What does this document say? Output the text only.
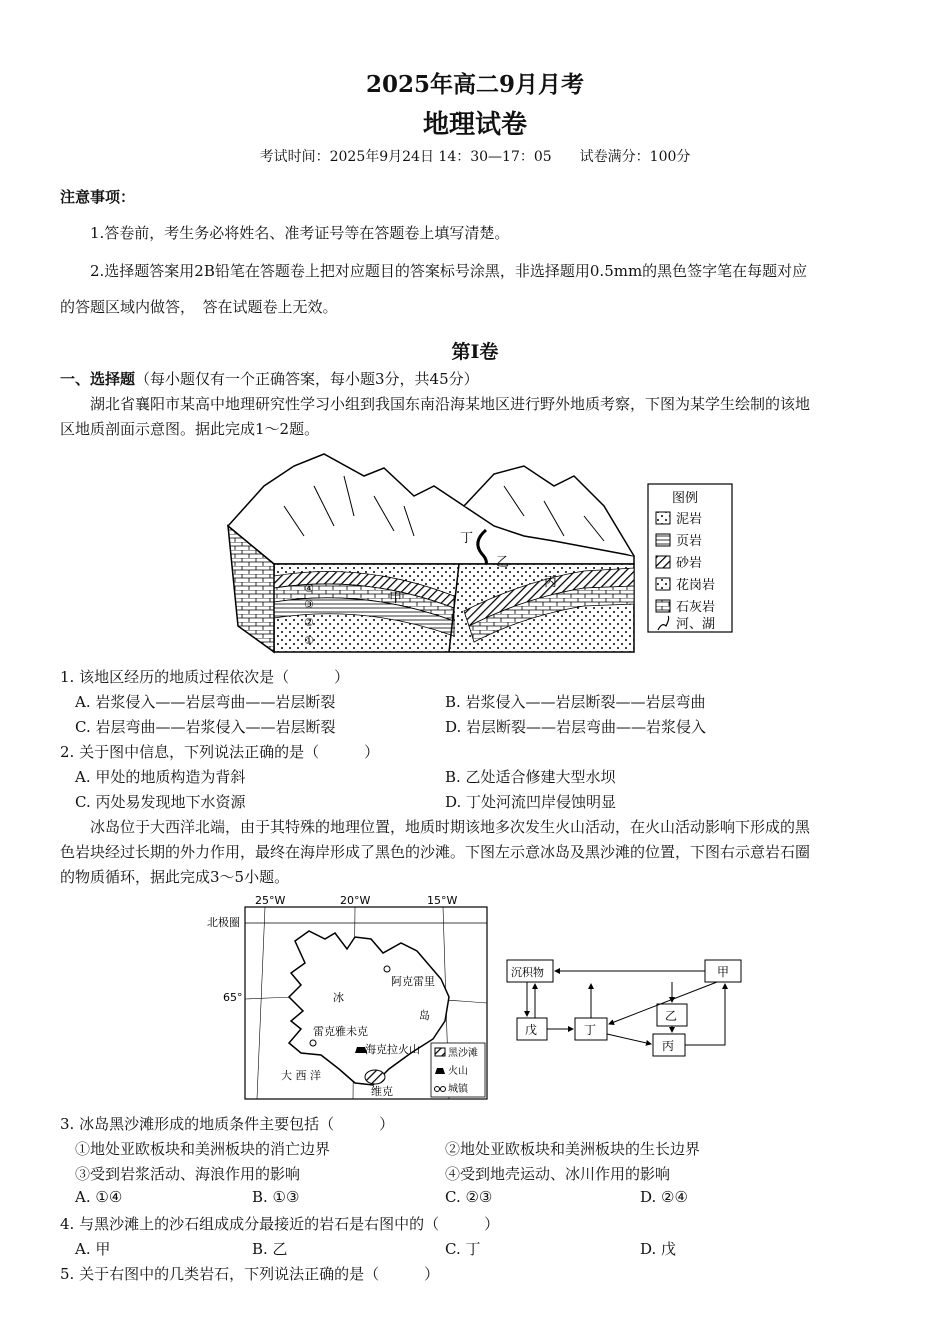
2025年高二9月月考
地理试卷
考试时间：2025年9月24日 14：30—17：05　　试卷满分：100分
注意事项：
1.答卷前，考生务必将姓名、准考证号等在答题卷上填写清楚。
2.选择题答案用2B铅笔在答题卷上把对应题目的答案标号涂黑，非选择题用0.5mm的黑色签字笔在每题对应
的答题区域内做答，　答在试题卷上无效。
第Ⅰ卷
一、选择题（每小题仅有一个正确答案，每小题3分，共45分）
湖北省襄阳市某高中地理研究性学习小组到我国东南沿海某地区进行野外地质考察，下图为某学生绘制的该地
区地质剖面示意图。据此完成1～2题。
丁
乙
丙
甲
④
③
②
①
图例
泥岩
页岩
砂岩
花岗岩
石灰岩
河、湖
1. 该地区经历的地质过程依次是（　　　）
A. 岩浆侵入——岩层弯曲——岩层断裂	B. 岩浆侵入——岩层断裂——岩层弯曲
C. 岩层弯曲——岩浆侵入——岩层断裂	D. 岩层断裂——岩层弯曲——岩浆侵入
2. 关于图中信息，下列说法正确的是（　　　）
A. 甲处的地质构造为背斜	B. 乙处适合修建大型水坝
C. 丙处易发现地下水资源	D. 丁处河流凹岸侵蚀明显
冰岛位于大西洋北端，由于其特殊的地理位置，地质时期该地多次发生火山活动，在火山活动影响下形成的黑
色岩块经过长期的外力作用，最终在海岸形成了黑色的沙滩。下图左示意冰岛及黑沙滩的位置，下图右示意岩石圈
的物质循环，据此完成3～5小题。
25°W	20°W	15°W
北极圈
65°
阿克雷里
冰
岛
雷克雅未克
海克拉火山
大 西 洋
维克
黑沙滩
火山
城镇
沉积物	甲
乙
戊	丁
丙
3. 冰岛黑沙滩形成的地质条件主要包括（　　　）
①地处亚欧板块和美洲板块的消亡边界	②地处亚欧板块和美洲板块的生长边界
③受到岩浆活动、海浪作用的影响	④受到地壳运动、冰川作用的影响
A. ①④	B. ①③	C. ②③	D. ②④
4. 与黑沙滩上的沙石组成成分最接近的岩石是右图中的（　　　）
A. 甲	B. 乙	C. 丁	D. 戊
5. 关于右图中的几类岩石，下列说法正确的是（　　　）
